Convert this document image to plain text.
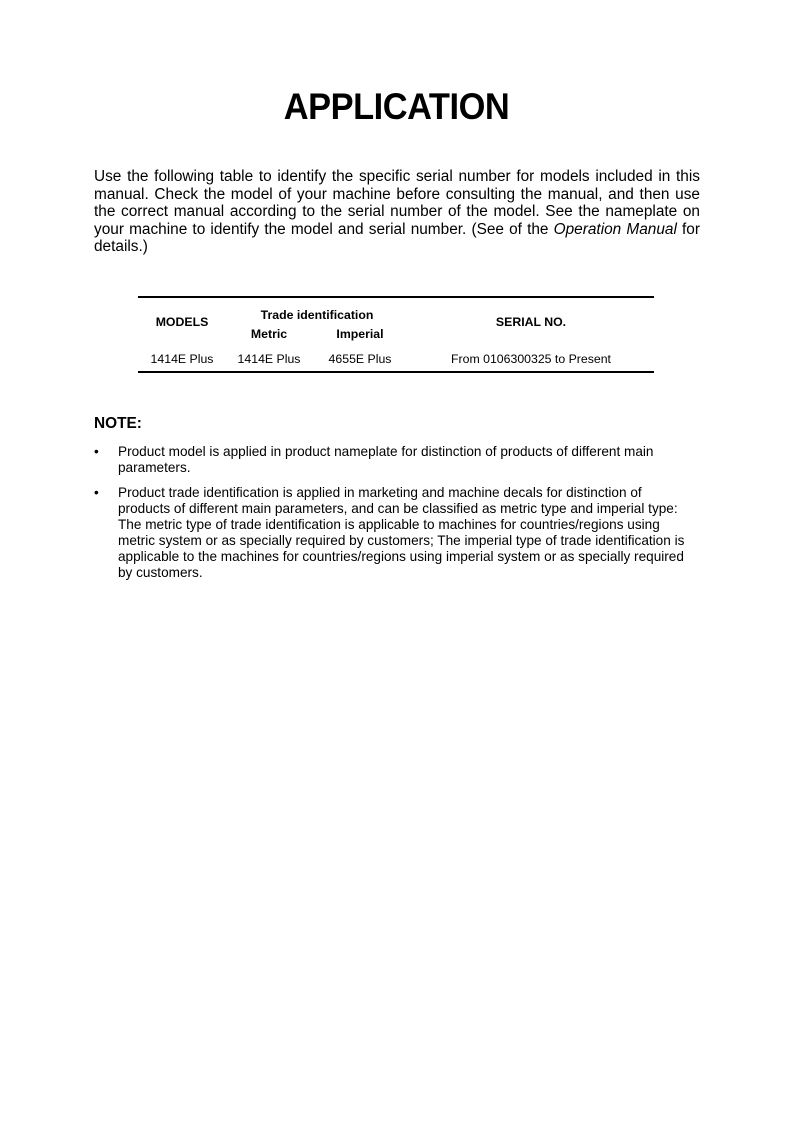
APPLICATION

Use the following table to identify the specific serial number for models included in this manual. Check the model of your machine before consulting the manual, and then use the correct manual according to the serial number of the model. See the nameplate on your machine to identify the model and serial number. (See of the Operation Manual for details.)

MODELS	Trade identification		SERIAL NO.
	Metric	Imperial	
1414E Plus	1414E Plus	4655E Plus	From 0106300325 to Present

NOTE:

• Product model is applied in product nameplate for distinction of products of different main parameters.
• Product trade identification is applied in marketing and machine decals for distinction of products of different main parameters, and can be classified as metric type and imperial type: The metric type of trade identification is applicable to machines for countries/regions using metric system or as specially required by customers; The imperial type of trade identification is applicable to the machines for countries/regions using imperial system or as specially required by customers.
